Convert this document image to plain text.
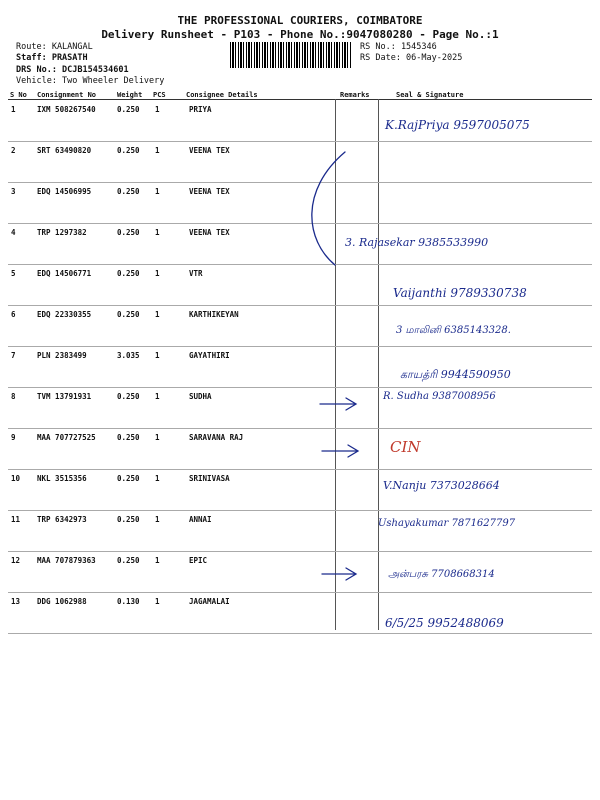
THE PROFESSIONAL COURIERS, COIMBATORE
Delivery Runsheet - P103 - Phone No.:9047080280 - Page No.:1
Route: KALANGAL
Staff: PRASATH
DRS No.: DCJB154534601
Vehicle: Two Wheeler Delivery
RS No.: 1545346
RS Date: 06-May-2025
S No Consignment No	Weight PCS	Consignee Details	Remarks	Seal & Signature
1	IXM 508267540	0.250 1	PRIYA
K.RajPriya 9597005075
2	SRT 63490820	0.250 1	VEENA TEX
3	EDQ 14506995	0.250 1	VEENA TEX
3. Rajasekar 9385533990
4	TRP 1297382	0.250 1	VEENA TEX
5	EDQ 14506771	0.250 1	VTR
Vaijanthi 9789330738
6	EDQ 22330355	0.250 1	KARTHIKEYAN
3 மாலினி 6385143328.
7	PLN 2383499	3.035 1	GAYATHIRI
காயத்ரி 9944590950
8	TVM 13791931	0.250 1	SUDHA	R. Sudha 9387008956
9	MAA 707727525	0.250 1	SARAVANA RAJ
CIN
10 NKL 3515356	0.250 1	SRINIVASA
V.Nanju 7373028664
11 TRP 6342973	0.250 1	ANNAI	Ushayakumar 7871627797
12 MAA 707879363	0.250 1	EPIC
அன்பரசு 7708668314
13 DDG 1062988	0.130 1	JAGAMALAI
6/5/25 9952488069
